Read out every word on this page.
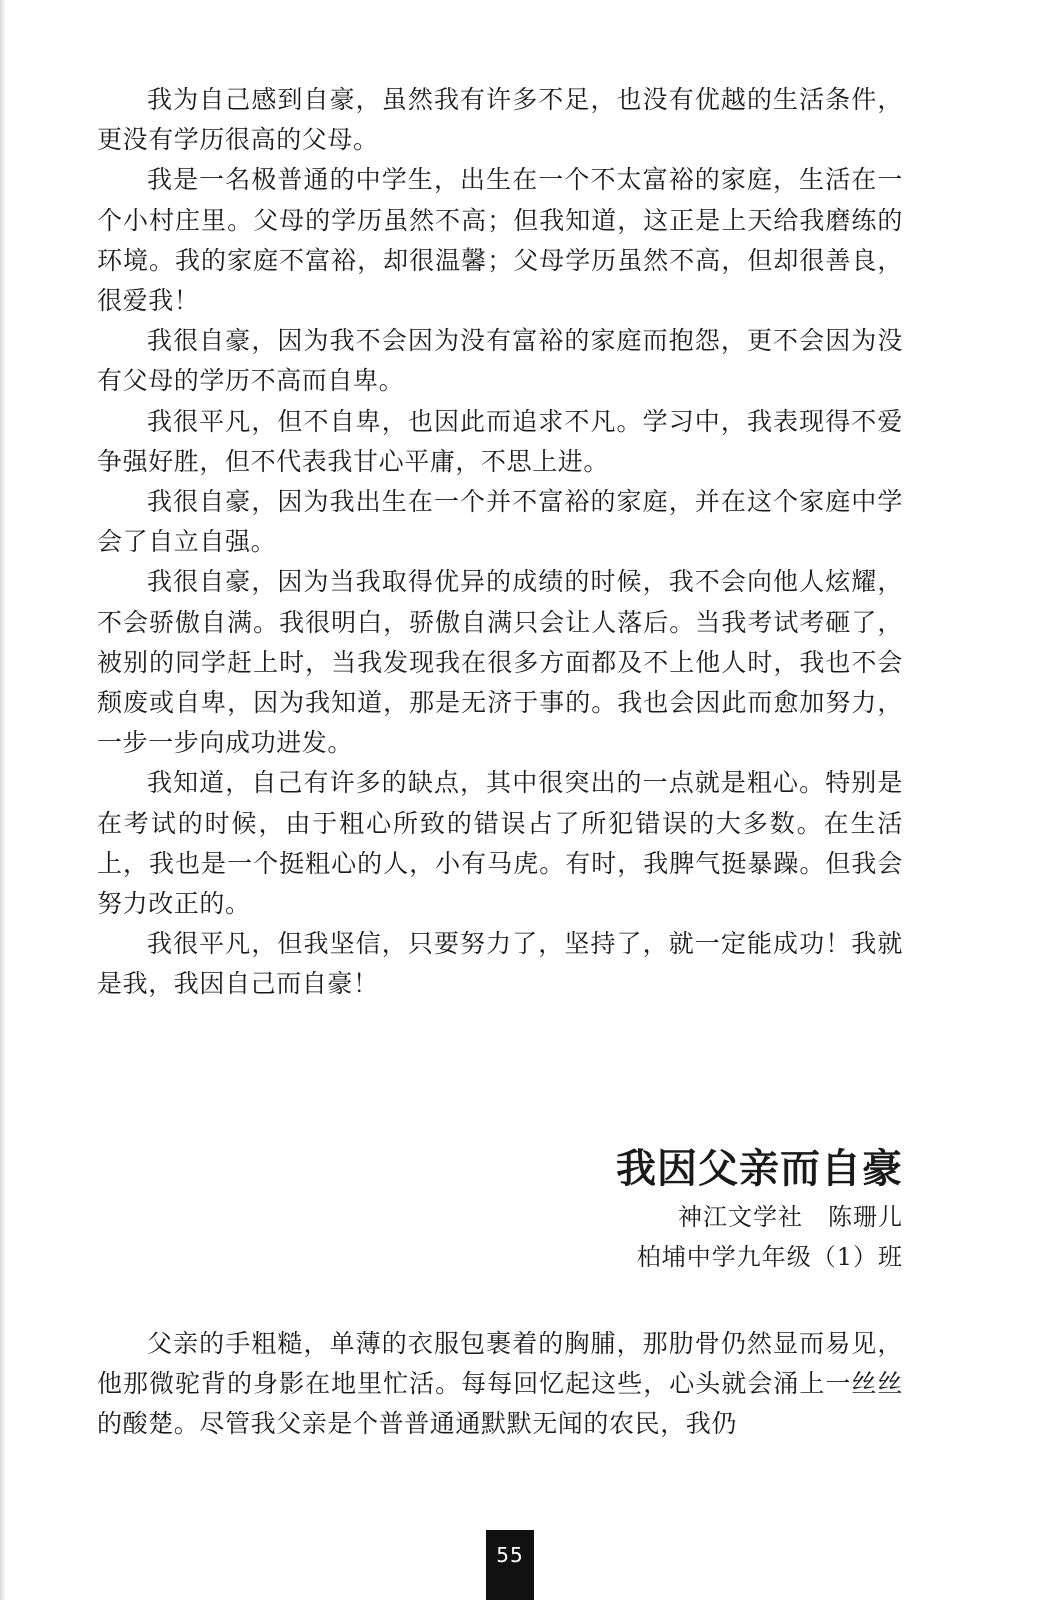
我为自己感到自豪，虽然我有许多不足，也没有优越的生活条件，更没有学历很高的父母。

我是一名极普通的中学生，出生在一个不太富裕的家庭，生活在一个小村庄里。父母的学历虽然不高；但我知道，这正是上天给我磨练的环境。我的家庭不富裕，却很温馨；父母学历虽然不高，但却很善良，很爱我！

我很自豪，因为我不会因为没有富裕的家庭而抱怨，更不会因为没有父母的学历不高而自卑。

我很平凡，但不自卑，也因此而追求不凡。学习中，我表现得不爱争强好胜，但不代表我甘心平庸，不思上进。

我很自豪，因为我出生在一个并不富裕的家庭，并在这个家庭中学会了自立自强。

我很自豪，因为当我取得优异的成绩的时候，我不会向他人炫耀，不会骄傲自满。我很明白，骄傲自满只会让人落后。当我考试考砸了，被别的同学赶上时，当我发现我在很多方面都及不上他人时，我也不会颓废或自卑，因为我知道，那是无济于事的。我也会因此而愈加努力，一步一步向成功进发。

我知道，自己有许多的缺点，其中很突出的一点就是粗心。特别是在考试的时候，由于粗心所致的错误占了所犯错误的大多数。在生活上，我也是一个挺粗心的人，小有马虎。有时，我脾气挺暴躁。但我会努力改正的。

我很平凡，但我坚信，只要努力了，坚持了，就一定能成功！我就是我，我因自己而自豪！

我因父亲而自豪

神江文学社　陈珊儿

柏埔中学九年级（1）班

父亲的手粗糙，单薄的衣服包裹着的胸脯，那肋骨仍然显而易见，他那微驼背的身影在地里忙活。每每回忆起这些，心头就会涌上一丝丝的酸楚。尽管我父亲是个普普通通默默无闻的农民，我仍

55
